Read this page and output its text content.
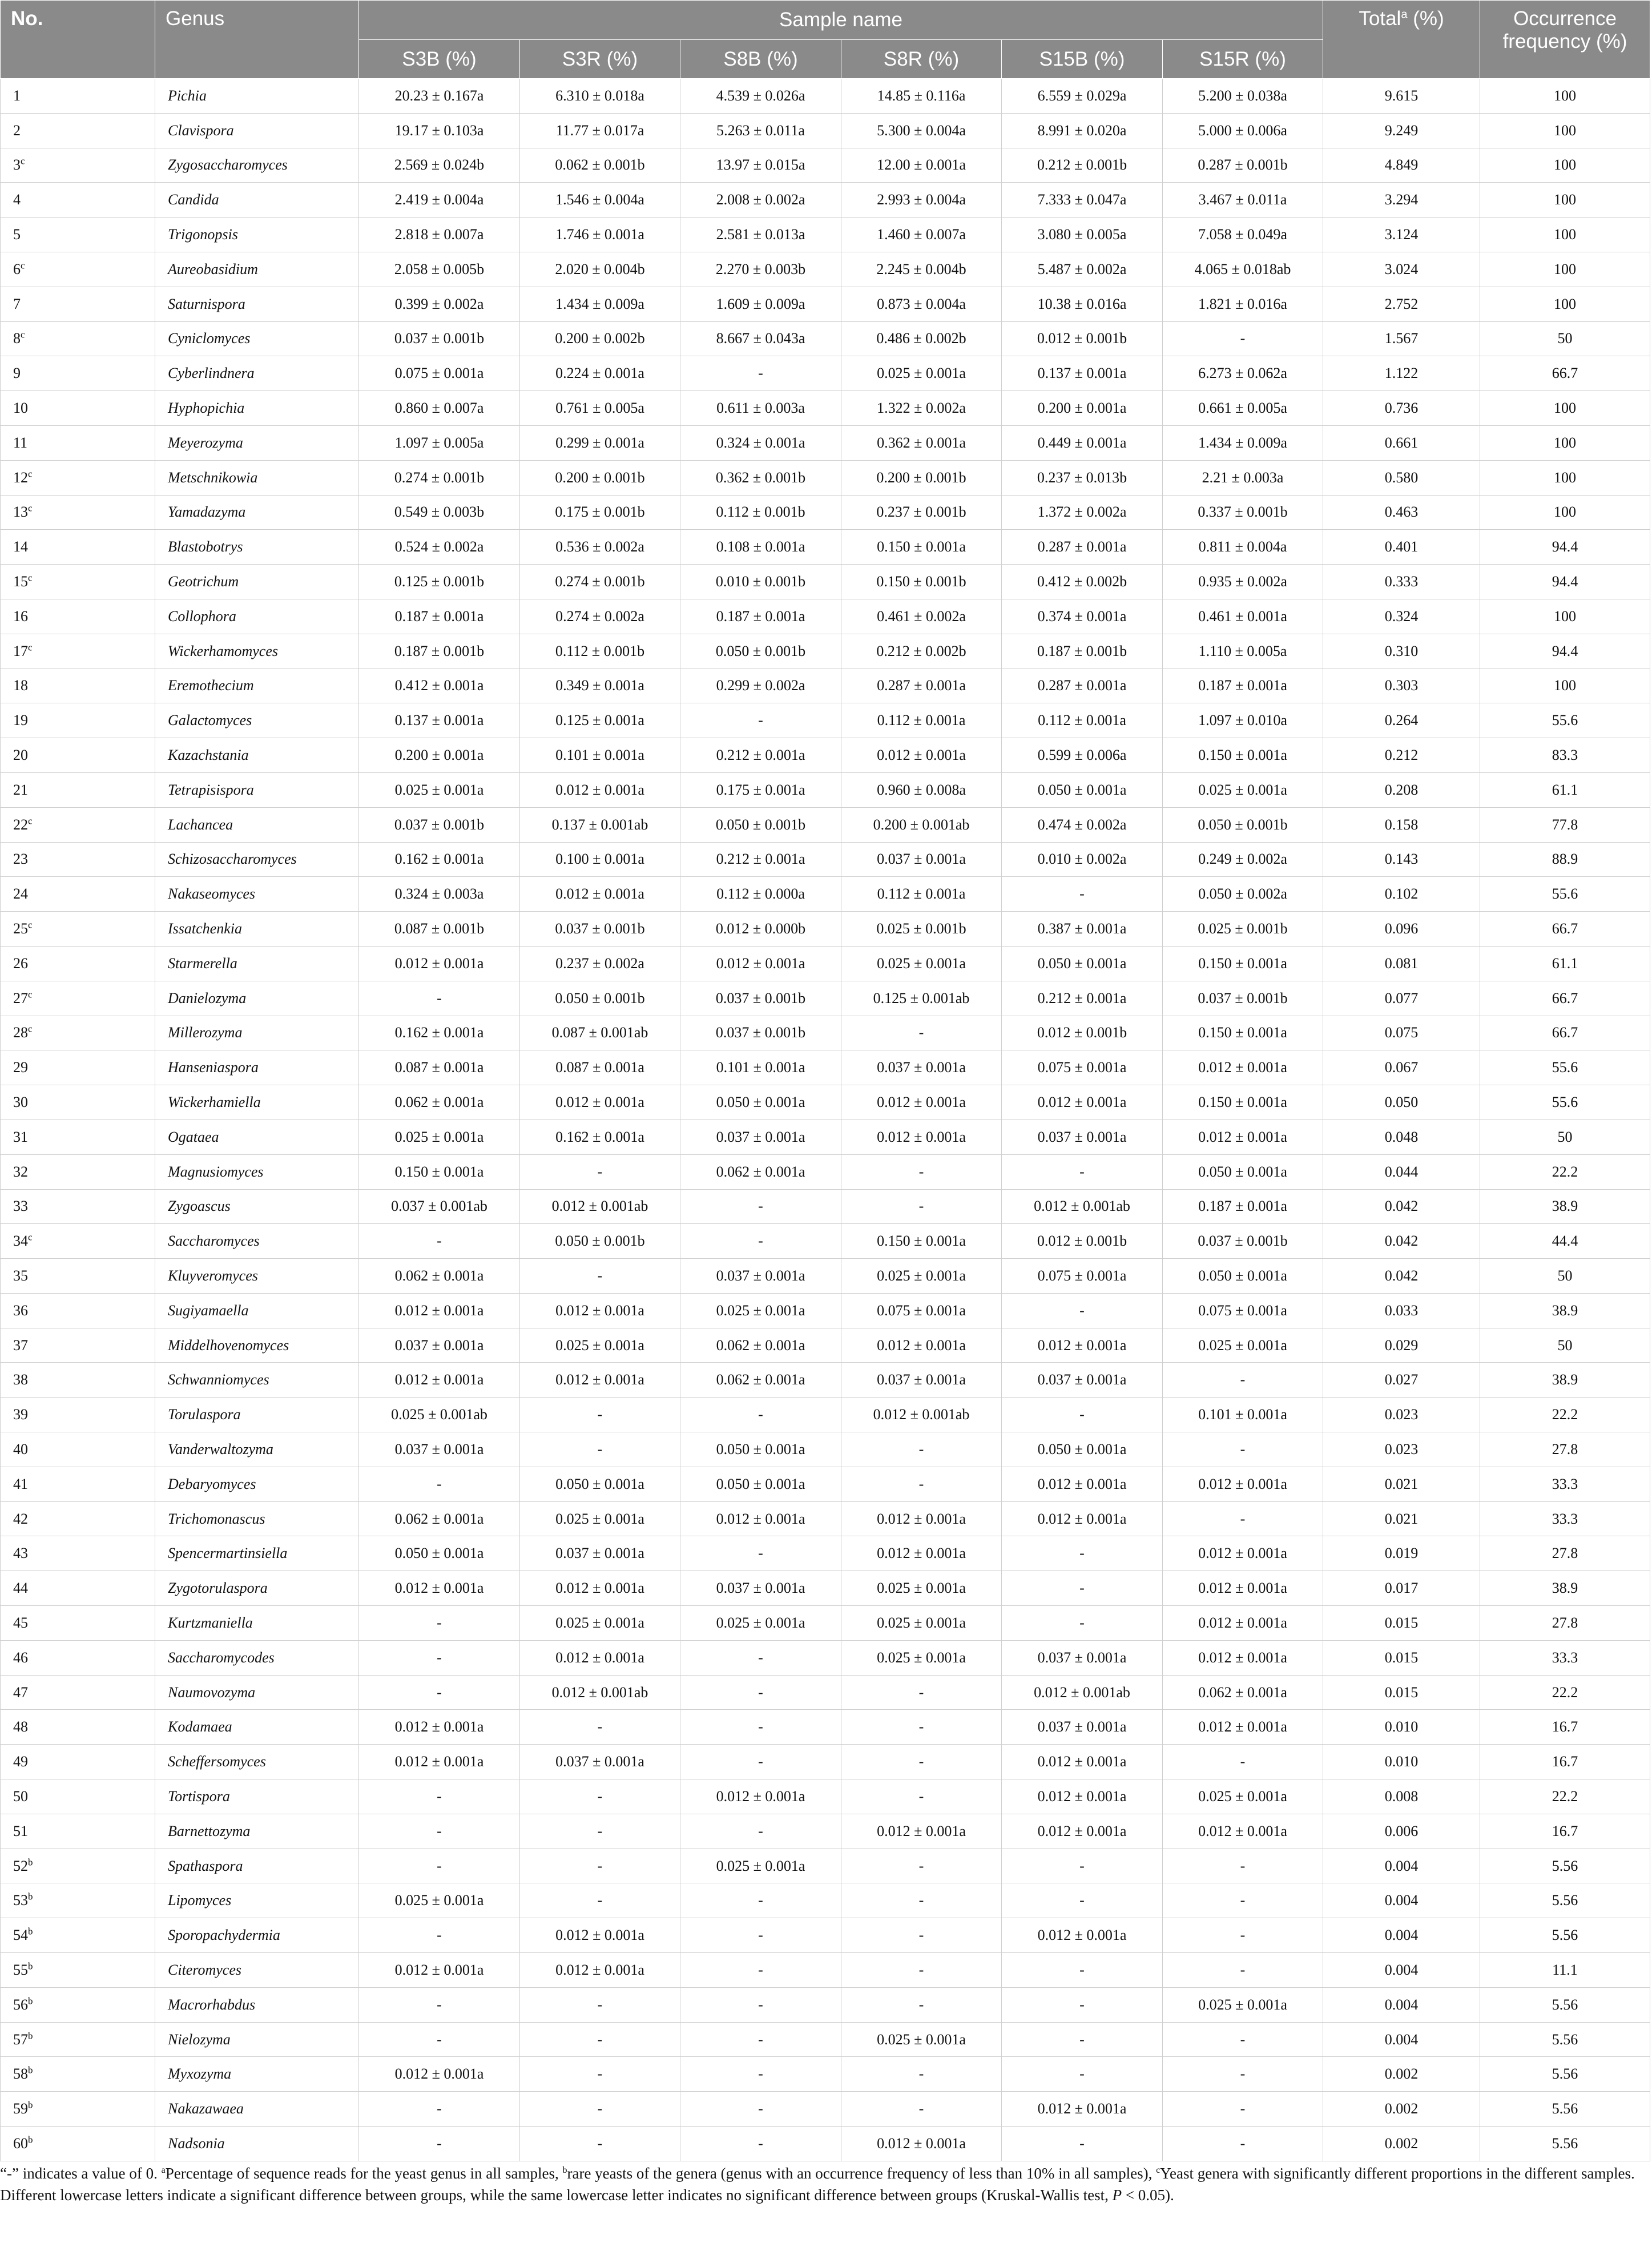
No.	Genus	Sample name						Total$^a$ (%)	Occurrence frequency (%)
		S3B (%)	S3R (%)	S8B (%)	S8R (%)	S15B (%)	S15R (%)		
1	Pichia	20.23 ± 0.167a	6.310 ± 0.018a	4.539 ± 0.026a	14.85 ± 0.116a	6.559 ± 0.029a	5.200 ± 0.038a	9.615	100
2	Clavispora	19.17 ± 0.103a	11.77 ± 0.017a	5.263 ± 0.011a	5.300 ± 0.004a	8.991 ± 0.020a	5.000 ± 0.006a	9.249	100
3$^c$	Zygosaccharomyces	2.569 ± 0.024b	0.062 ± 0.001b	13.97 ± 0.015a	12.00 ± 0.001a	0.212 ± 0.001b	0.287 ± 0.001b	4.849	100
4	Candida	2.419 ± 0.004a	1.546 ± 0.004a	2.008 ± 0.002a	2.993 ± 0.004a	7.333 ± 0.047a	3.467 ± 0.011a	3.294	100
5	Trigonopsis	2.818 ± 0.007a	1.746 ± 0.001a	2.581 ± 0.013a	1.460 ± 0.007a	3.080 ± 0.005a	7.058 ± 0.049a	3.124	100
6$^c$	Aureobasidium	2.058 ± 0.005b	2.020 ± 0.004b	2.270 ± 0.003b	2.245 ± 0.004b	5.487 ± 0.002a	4.065 ± 0.018ab	3.024	100
7	Saturnispora	0.399 ± 0.002a	1.434 ± 0.009a	1.609 ± 0.009a	0.873 ± 0.004a	10.38 ± 0.016a	1.821 ± 0.016a	2.752	100
8$^c$	Cyniclomyces	0.037 ± 0.001b	0.200 ± 0.002b	8.667 ± 0.043a	0.486 ± 0.002b	0.012 ± 0.001b	-	1.567	50
9	Cyberlindnera	0.075 ± 0.001a	0.224 ± 0.001a	-	0.025 ± 0.001a	0.137 ± 0.001a	6.273 ± 0.062a	1.122	66.7
10	Hyphopichia	0.860 ± 0.007a	0.761 ± 0.005a	0.611 ± 0.003a	1.322 ± 0.002a	0.200 ± 0.001a	0.661 ± 0.005a	0.736	100
11	Meyerozyma	1.097 ± 0.005a	0.299 ± 0.001a	0.324 ± 0.001a	0.362 ± 0.001a	0.449 ± 0.001a	1.434 ± 0.009a	0.661	100
12$^c$	Metschnikowia	0.274 ± 0.001b	0.200 ± 0.001b	0.362 ± 0.001b	0.200 ± 0.001b	0.237 ± 0.013b	2.21 ± 0.003a	0.580	100
13$^c$	Yamadazyma	0.549 ± 0.003b	0.175 ± 0.001b	0.112 ± 0.001b	0.237 ± 0.001b	1.372 ± 0.002a	0.337 ± 0.001b	0.463	100
14	Blastobotrys	0.524 ± 0.002a	0.536 ± 0.002a	0.108 ± 0.001a	0.150 ± 0.001a	0.287 ± 0.001a	0.811 ± 0.004a	0.401	94.4
15$^c$	Geotrichum	0.125 ± 0.001b	0.274 ± 0.001b	0.010 ± 0.001b	0.150 ± 0.001b	0.412 ± 0.002b	0.935 ± 0.002a	0.333	94.4
16	Collophora	0.187 ± 0.001a	0.274 ± 0.002a	0.187 ± 0.001a	0.461 ± 0.002a	0.374 ± 0.001a	0.461 ± 0.001a	0.324	100
17$^c$	Wickerhamomyces	0.187 ± 0.001b	0.112 ± 0.001b	0.050 ± 0.001b	0.212 ± 0.002b	0.187 ± 0.001b	1.110 ± 0.005a	0.310	94.4
18	Eremothecium	0.412 ± 0.001a	0.349 ± 0.001a	0.299 ± 0.002a	0.287 ± 0.001a	0.287 ± 0.001a	0.187 ± 0.001a	0.303	100
19	Galactomyces	0.137 ± 0.001a	0.125 ± 0.001a	-	0.112 ± 0.001a	0.112 ± 0.001a	1.097 ± 0.010a	0.264	55.6
20	Kazachstania	0.200 ± 0.001a	0.101 ± 0.001a	0.212 ± 0.001a	0.012 ± 0.001a	0.599 ± 0.006a	0.150 ± 0.001a	0.212	83.3
21	Tetrapisispora	0.025 ± 0.001a	0.012 ± 0.001a	0.175 ± 0.001a	0.960 ± 0.008a	0.050 ± 0.001a	0.025 ± 0.001a	0.208	61.1
22$^c$	Lachancea	0.037 ± 0.001b	0.137 ± 0.001ab	0.050 ± 0.001b	0.200 ± 0.001ab	0.474 ± 0.002a	0.050 ± 0.001b	0.158	77.8
23	Schizosaccharomyces	0.162 ± 0.001a	0.100 ± 0.001a	0.212 ± 0.001a	0.037 ± 0.001a	0.010 ± 0.002a	0.249 ± 0.002a	0.143	88.9
24	Nakaseomyces	0.324 ± 0.003a	0.012 ± 0.001a	0.112 ± 0.000a	0.112 ± 0.001a	-	0.050 ± 0.002a	0.102	55.6
25$^c$	Issatchenkia	0.087 ± 0.001b	0.037 ± 0.001b	0.012 ± 0.000b	0.025 ± 0.001b	0.387 ± 0.001a	0.025 ± 0.001b	0.096	66.7
26	Starmerella	0.012 ± 0.001a	0.237 ± 0.002a	0.012 ± 0.001a	0.025 ± 0.001a	0.050 ± 0.001a	0.150 ± 0.001a	0.081	61.1
27$^c$	Danielozyma	-	0.050 ± 0.001b	0.037 ± 0.001b	0.125 ± 0.001ab	0.212 ± 0.001a	0.037 ± 0.001b	0.077	66.7
28$^c$	Millerozyma	0.162 ± 0.001a	0.087 ± 0.001ab	0.037 ± 0.001b	-	0.012 ± 0.001b	0.150 ± 0.001a	0.075	66.7
29	Hanseniaspora	0.087 ± 0.001a	0.087 ± 0.001a	0.101 ± 0.001a	0.037 ± 0.001a	0.075 ± 0.001a	0.012 ± 0.001a	0.067	55.6
30	Wickerhamiella	0.062 ± 0.001a	0.012 ± 0.001a	0.050 ± 0.001a	0.012 ± 0.001a	0.012 ± 0.001a	0.150 ± 0.001a	0.050	55.6
31	Ogataea	0.025 ± 0.001a	0.162 ± 0.001a	0.037 ± 0.001a	0.012 ± 0.001a	0.037 ± 0.001a	0.012 ± 0.001a	0.048	50
32	Magnusiomyces	0.150 ± 0.001a	-	0.062 ± 0.001a	-	-	0.050 ± 0.001a	0.044	22.2
33	Zygoascus	0.037 ± 0.001ab	0.012 ± 0.001ab	-	-	0.012 ± 0.001ab	0.187 ± 0.001a	0.042	38.9
34$^c$	Saccharomyces	-	0.050 ± 0.001b	-	0.150 ± 0.001a	0.012 ± 0.001b	0.037 ± 0.001b	0.042	44.4
35	Kluyveromyces	0.062 ± 0.001a	-	0.037 ± 0.001a	0.025 ± 0.001a	0.075 ± 0.001a	0.050 ± 0.001a	0.042	50
36	Sugiyamaella	0.012 ± 0.001a	0.012 ± 0.001a	0.025 ± 0.001a	0.075 ± 0.001a	-	0.075 ± 0.001a	0.033	38.9
37	Middelhovenomyces	0.037 ± 0.001a	0.025 ± 0.001a	0.062 ± 0.001a	0.012 ± 0.001a	0.012 ± 0.001a	0.025 ± 0.001a	0.029	50
38	Schwanniomyces	0.012 ± 0.001a	0.012 ± 0.001a	0.062 ± 0.001a	0.037 ± 0.001a	0.037 ± 0.001a	-	0.027	38.9
39	Torulaspora	0.025 ± 0.001ab	-	-	0.012 ± 0.001ab	-	0.101 ± 0.001a	0.023	22.2
40	Vanderwaltozyma	0.037 ± 0.001a	-	0.050 ± 0.001a	-	0.050 ± 0.001a	-	0.023	27.8
41	Debaryomyces	-	0.050 ± 0.001a	0.050 ± 0.001a	-	0.012 ± 0.001a	0.012 ± 0.001a	0.021	33.3
42	Trichomonascus	0.062 ± 0.001a	0.025 ± 0.001a	0.012 ± 0.001a	0.012 ± 0.001a	0.012 ± 0.001a	-	0.021	33.3
43	Spencermartinsiella	0.050 ± 0.001a	0.037 ± 0.001a	-	0.012 ± 0.001a	-	0.012 ± 0.001a	0.019	27.8
44	Zygotorulaspora	0.012 ± 0.001a	0.012 ± 0.001a	0.037 ± 0.001a	0.025 ± 0.001a	-	0.012 ± 0.001a	0.017	38.9
45	Kurtzmaniella	-	0.025 ± 0.001a	0.025 ± 0.001a	0.025 ± 0.001a	-	0.012 ± 0.001a	0.015	27.8
46	Saccharomycodes	-	0.012 ± 0.001a	-	0.025 ± 0.001a	0.037 ± 0.001a	0.012 ± 0.001a	0.015	33.3
47	Naumovozyma	-	0.012 ± 0.001ab	-	-	0.012 ± 0.001ab	0.062 ± 0.001a	0.015	22.2
48	Kodamaea	0.012 ± 0.001a	-	-	-	0.037 ± 0.001a	0.012 ± 0.001a	0.010	16.7
49	Scheffersomyces	0.012 ± 0.001a	0.037 ± 0.001a	-	-	0.012 ± 0.001a	-	0.010	16.7
50	Tortispora	-	-	0.012 ± 0.001a	-	0.012 ± 0.001a	0.025 ± 0.001a	0.008	22.2
51	Barnettozyma	-	-	-	0.012 ± 0.001a	0.012 ± 0.001a	0.012 ± 0.001a	0.006	16.7
52$^b$	Spathaspora	-	-	0.025 ± 0.001a	-	-	-	0.004	5.56
53$^b$	Lipomyces	0.025 ± 0.001a	-	-	-	-	-	0.004	5.56
54$^b$	Sporopachydermia	-	0.012 ± 0.001a	-	-	0.012 ± 0.001a	-	0.004	5.56
55$^b$	Citeromyces	0.012 ± 0.001a	0.012 ± 0.001a	-	-	-	-	0.004	11.1
56$^b$	Macrorhabdus	-	-	-	-	-	0.025 ± 0.001a	0.004	5.56
57$^b$	Nielozyma	-	-	-	0.025 ± 0.001a	-	-	0.004	5.56
58$^b$	Myxozyma	0.012 ± 0.001a	-	-	-	-	-	0.002	5.56
59$^b$	Nakazawaea	-	-	-	-	0.012 ± 0.001a	-	0.002	5.56
60$^b$	Nadsonia	-	-	-	0.012 ± 0.001a	-	-	0.002	5.56

“-” indicates a value of 0. $^a$Percentage of sequence reads for the yeast genus in all samples, $^b$rare yeasts of the genera (genus with an occurrence frequency of less than 10% in all samples), $^c$Yeast genera with significantly different proportions in the different samples. Different lowercase letters indicate a significant difference between groups, while the same lowercase letter indicates no significant difference between groups (Kruskal-Wallis test, P < 0.05).
